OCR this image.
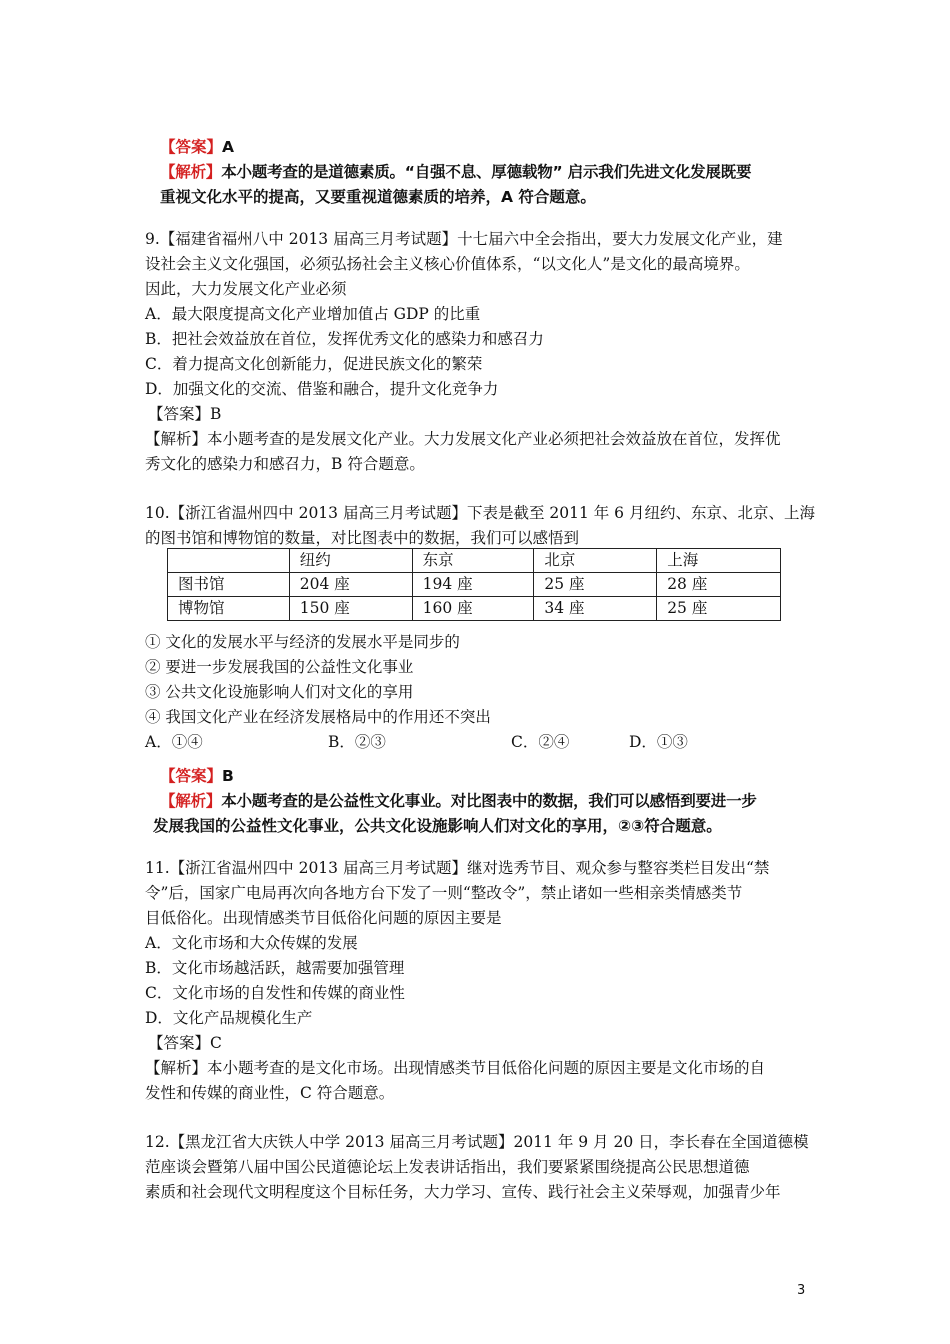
【答案】A
【解析】本小题考查的是道德素质。“自强不息、厚德载物” 启示我们先进文化发展既要
重视文化水平的提高，又要重视道德素质的培养，A 符合题意。
9.【福建省福州八中 2013 届高三月考试题】十七届六中全会指出，要大力发展文化产业，建
设社会主义文化强国，必须弘扬社会主义核心价值体系，“以文化人”是文化的最高境界。
因此，大力发展文化产业必须
A．最大限度提高文化产业增加值占 GDP 的比重
B．把社会效益放在首位，发挥优秀文化的感染力和感召力
C．着力提高文化创新能力，促进民族文化的繁荣
D．加强文化的交流、借鉴和融合，提升文化竞争力
【答案】B
【解析】本小题考查的是发展文化产业。大力发展文化产业必须把社会效益放在首位，发挥优
秀文化的感染力和感召力，B 符合题意。
10.【浙江省温州四中 2013 届高三月考试题】下表是截至 2011 年 6 月纽约、东京、北京、上海
的图书馆和博物馆的数量，对比图表中的数据，我们可以感悟到
	纽约	东京	北京	上海
图书馆	204 座	194 座	25 座	28 座
博物馆	150 座	160 座	34 座	25 座
① 文化的发展水平与经济的发展水平是同步的
② 要进一步发展我国的公益性文化事业
③ 公共文化设施影响人们对文化的享用
④ 我国文化产业在经济发展格局中的作用还不突出
A．①④	B．②③	C．②④	D．①③
【答案】B
【解析】本小题考查的是公益性文化事业。对比图表中的数据，我们可以感悟到要进一步
发展我国的公益性文化事业，公共文化设施影响人们对文化的享用，②③符合题意。
11.【浙江省温州四中 2013 届高三月考试题】继对选秀节目、观众参与整容类栏目发出“禁
令”后，国家广电局再次向各地方台下发了一则“整改令”，禁止诸如一些相亲类情感类节
目低俗化。出现情感类节目低俗化问题的原因主要是
A．文化市场和大众传媒的发展
B．文化市场越活跃，越需要加强管理
C．文化市场的自发性和传媒的商业性
D．文化产品规模化生产
【答案】C
【解析】本小题考查的是文化市场。出现情感类节目低俗化问题的原因主要是文化市场的自
发性和传媒的商业性，C 符合题意。
12.【黑龙江省大庆铁人中学 2013 届高三月考试题】2011 年 9 月 20 日，李长春在全国道德模
范座谈会暨第八届中国公民道德论坛上发表讲话指出，我们要紧紧围绕提高公民思想道德
素质和社会现代文明程度这个目标任务，大力学习、宣传、践行社会主义荣辱观，加强青少年
3
